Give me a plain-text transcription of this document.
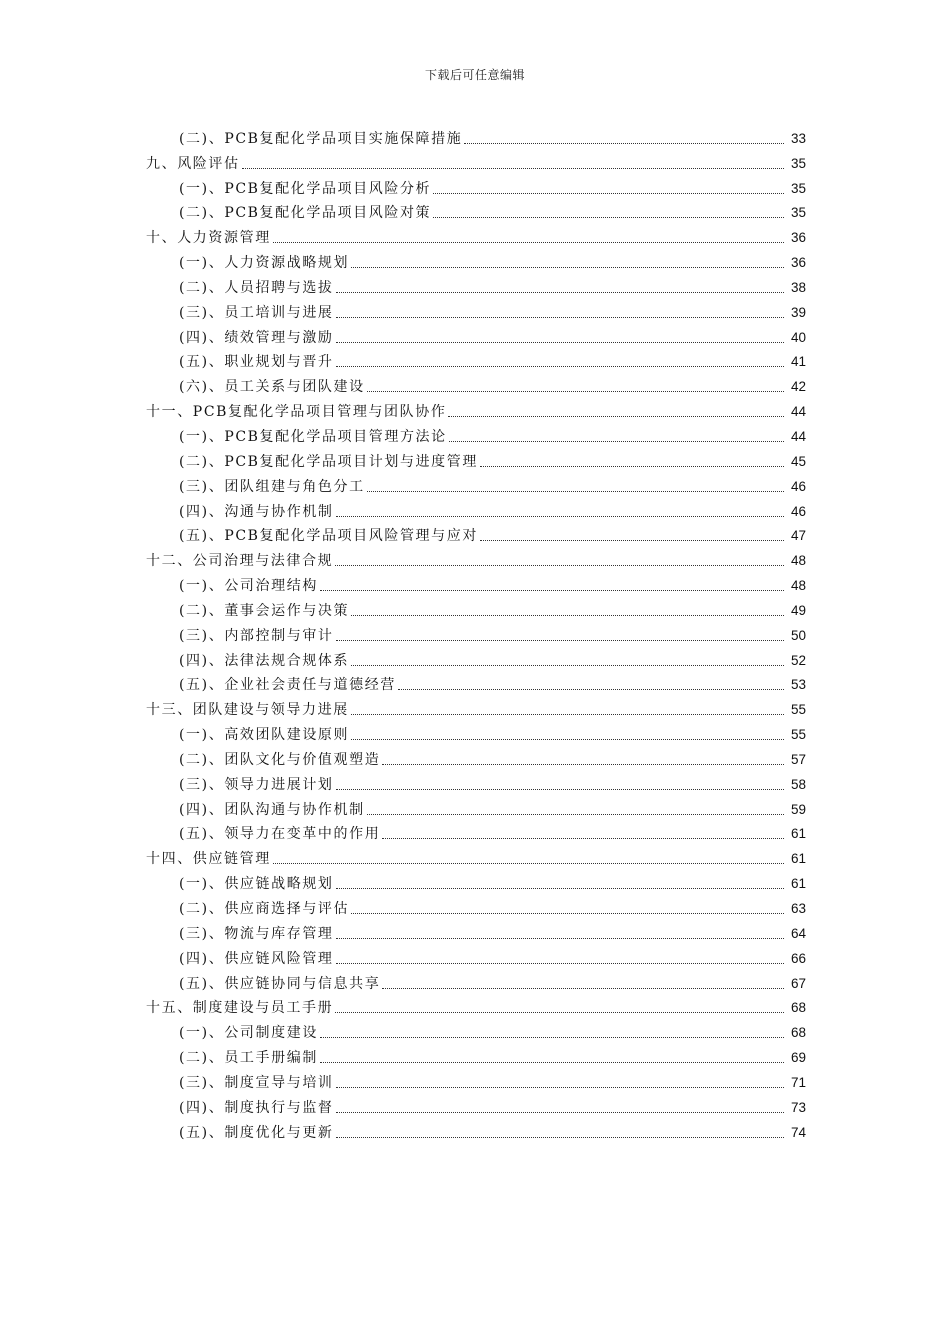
下载后可任意编辑
(二)、PCB复配化学品项目实施保障措施	33
九、风险评估	35
(一)、PCB复配化学品项目风险分析	35
(二)、PCB复配化学品项目风险对策	35
十、人力资源管理	36
(一)、人力资源战略规划	36
(二)、人员招聘与选拔	38
(三)、员工培训与进展	39
(四)、绩效管理与激励	40
(五)、职业规划与晋升	41
(六)、员工关系与团队建设	42
十一、PCB复配化学品项目管理与团队协作	44
(一)、PCB复配化学品项目管理方法论	44
(二)、PCB复配化学品项目计划与进度管理	45
(三)、团队组建与角色分工	46
(四)、沟通与协作机制	46
(五)、PCB复配化学品项目风险管理与应对	47
十二、公司治理与法律合规	48
(一)、公司治理结构	48
(二)、董事会运作与决策	49
(三)、内部控制与审计	50
(四)、法律法规合规体系	52
(五)、企业社会责任与道德经营	53
十三、团队建设与领导力进展	55
(一)、高效团队建设原则	55
(二)、团队文化与价值观塑造	57
(三)、领导力进展计划	58
(四)、团队沟通与协作机制	59
(五)、领导力在变革中的作用	61
十四、供应链管理	61
(一)、供应链战略规划	61
(二)、供应商选择与评估	63
(三)、物流与库存管理	64
(四)、供应链风险管理	66
(五)、供应链协同与信息共享	67
十五、制度建设与员工手册	68
(一)、公司制度建设	68
(二)、员工手册编制	69
(三)、制度宣导与培训	71
(四)、制度执行与监督	73
(五)、制度优化与更新	74
